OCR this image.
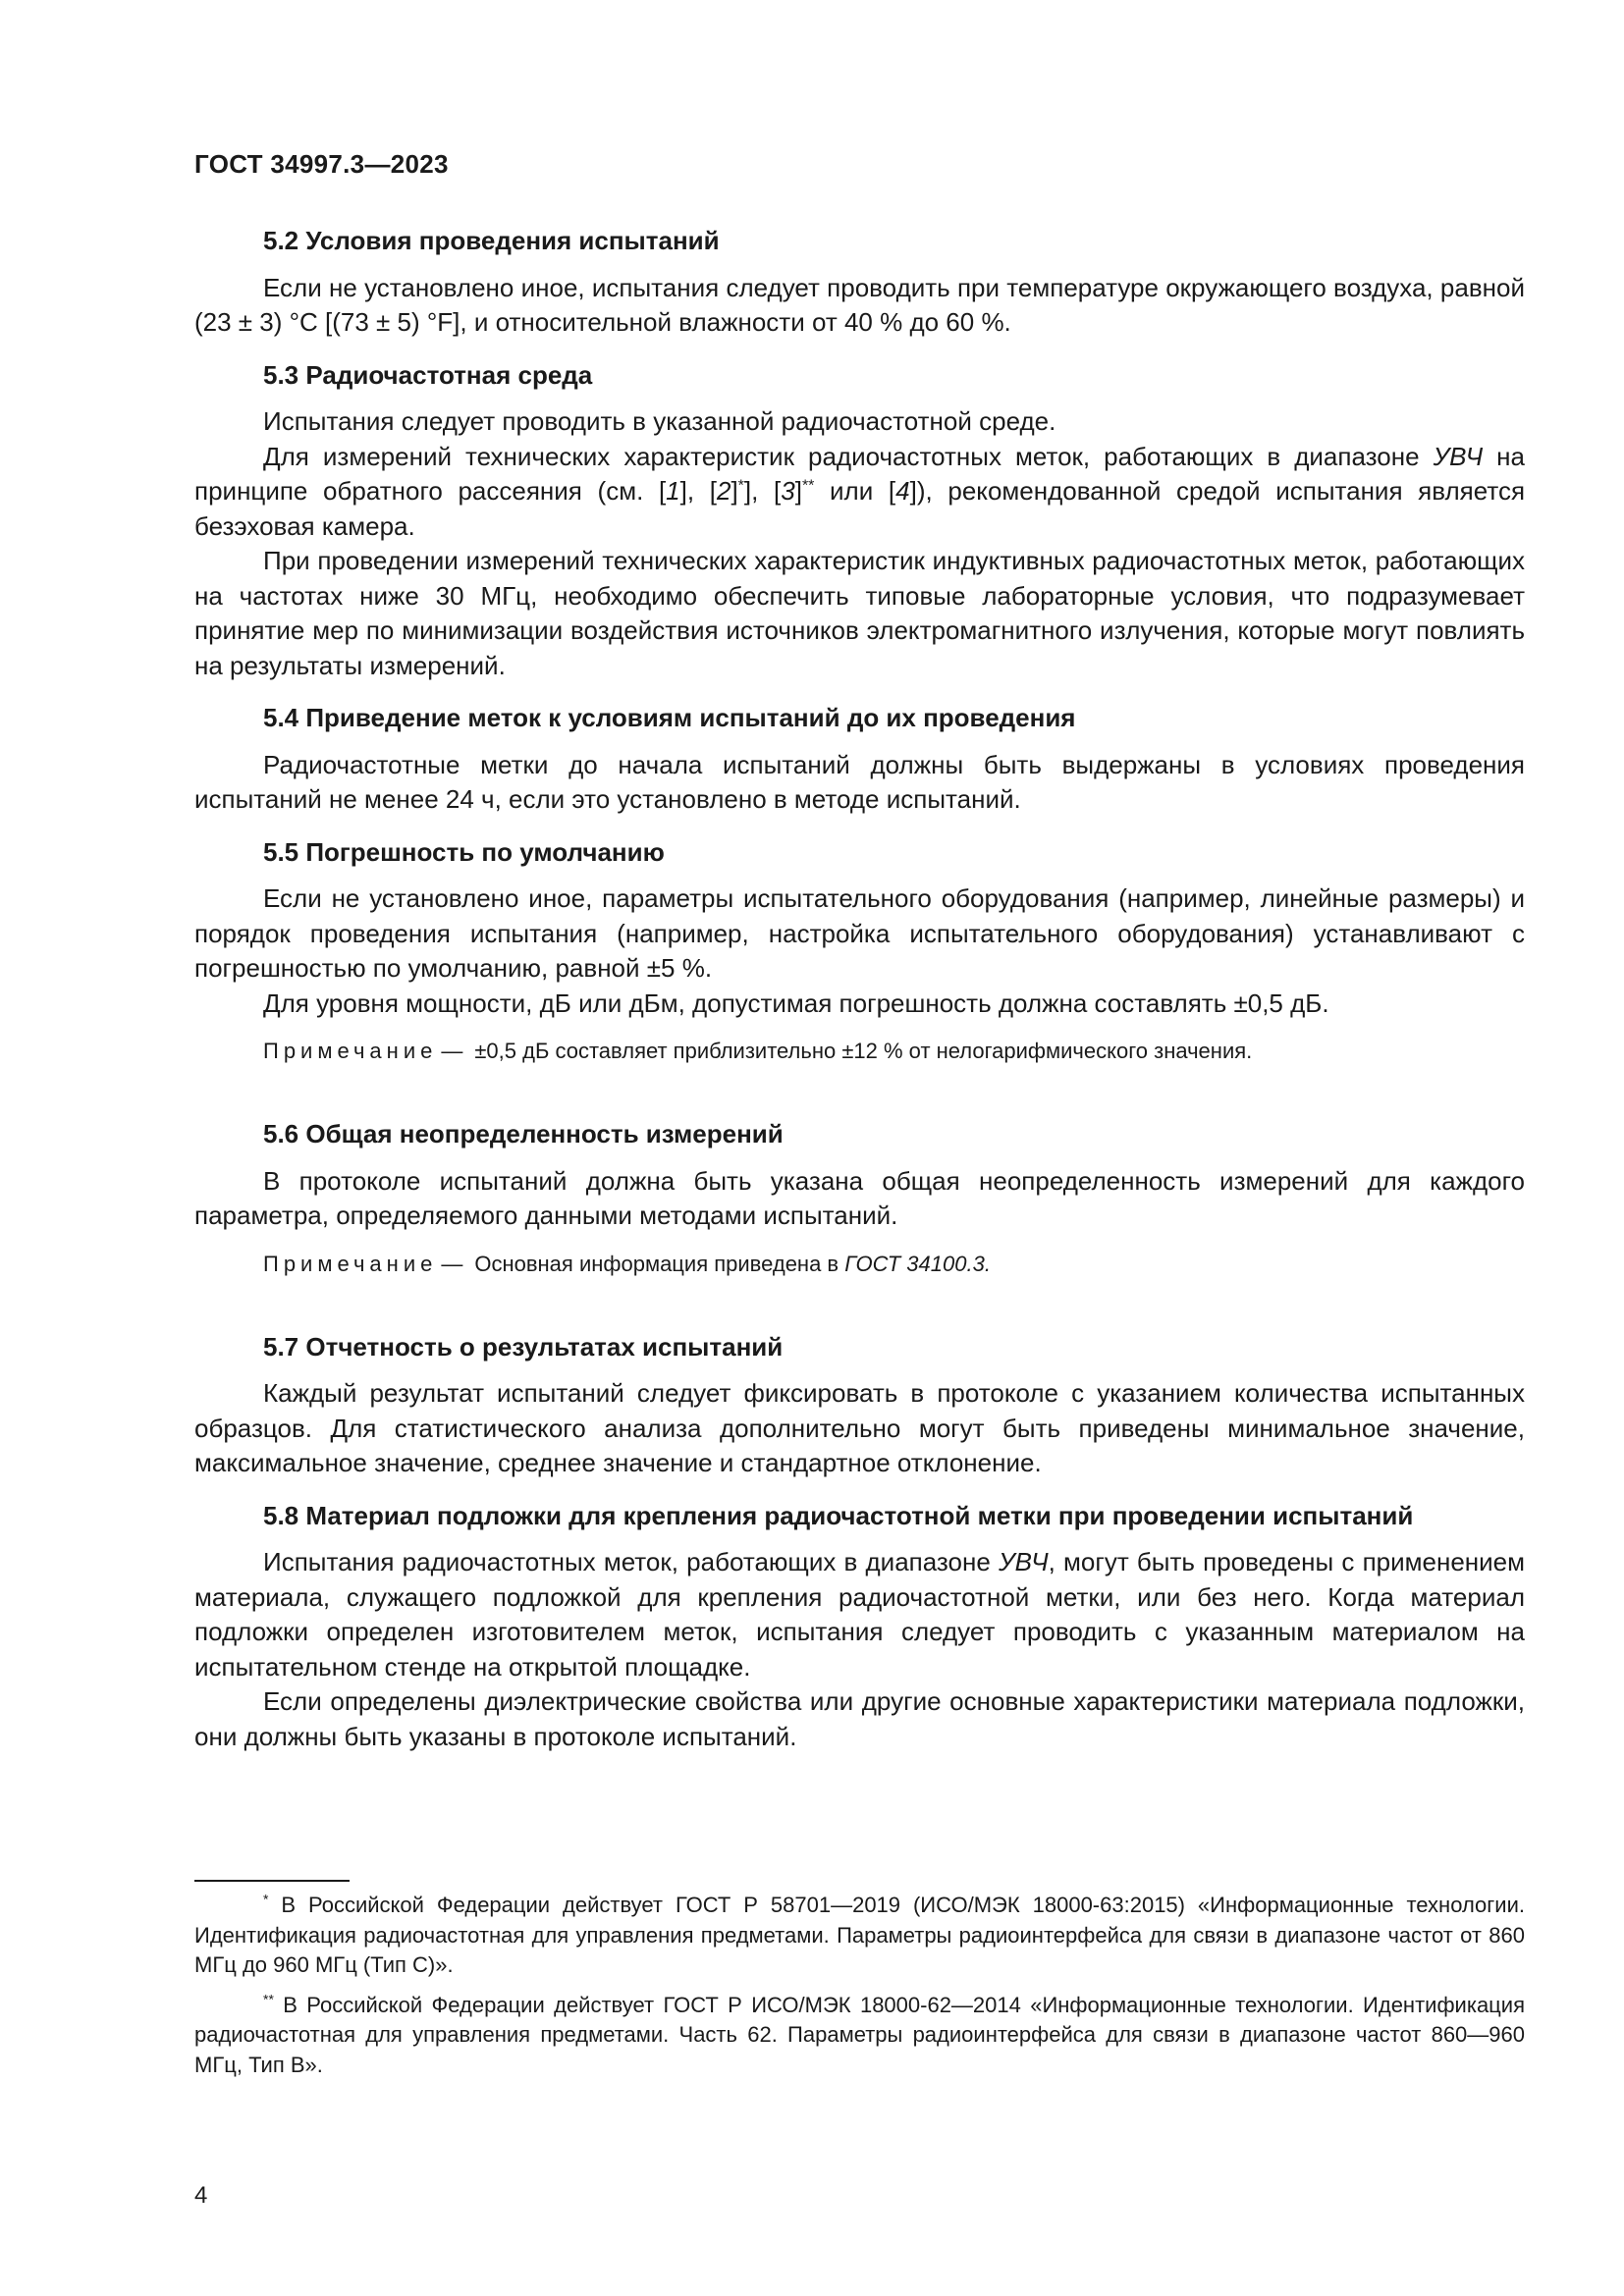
ГОСТ 34997.3—2023
5.2 Условия проведения испытаний

Если не установлено иное, испытания следует проводить при температуре окружающего воздуха, равной (23 ± 3) °С [(73 ± 5) °F], и относительной влажности от 40 % до 60 %.

5.3 Радиочастотная среда

Испытания следует проводить в указанной радиочастотной среде.

Для измерений технических характеристик радиочастотных меток, работающих в диапазоне УВЧ на принципе обратного рассеяния (см. [1], [2]*], [3]** или [4]), рекомендованной средой испытания является безэховая камера.

При проведении измерений технических характеристик индуктивных радиочастотных меток, работающих на частотах ниже 30 МГц, необходимо обеспечить типовые лабораторные условия, что подразумевает принятие мер по минимизации воздействия источников электромагнитного излучения, которые могут повлиять на результаты измерений.

5.4 Приведение меток к условиям испытаний до их проведения

Радиочастотные метки до начала испытаний должны быть выдержаны в условиях проведения испытаний не менее 24 ч, если это установлено в методе испытаний.

5.5 Погрешность по умолчанию

Если не установлено иное, параметры испытательного оборудования (например, линейные размеры) и порядок проведения испытания (например, настройка испытательного оборудования) устанавливают с погрешностью по умолчанию, равной ±5 %.

Для уровня мощности, дБ или дБм, допустимая погрешность должна составлять ±0,5 дБ.

Примечание — ±0,5 дБ составляет приблизительно ±12 % от нелогарифмического значения.
5.6 Общая неопределенность измерений

В протоколе испытаний должна быть указана общая неопределенность измерений для каждого параметра, определяемого данными методами испытаний.

Примечание — Основная информация приведена в ГОСТ 34100.3.
5.7 Отчетность о результатах испытаний

Каждый результат испытаний следует фиксировать в протоколе с указанием количества испытанных образцов. Для статистического анализа дополнительно могут быть приведены минимальное значение, максимальное значение, среднее значение и стандартное отклонение.

5.8 Материал подложки для крепления радиочастотной метки при проведении испытаний

Испытания радиочастотных меток, работающих в диапазоне УВЧ, могут быть проведены с применением материала, служащего подложкой для крепления радиочастотной метки, или без него. Когда материал подложки определен изготовителем меток, испытания следует проводить с указанным материалом на испытательном стенде на открытой площадке.

Если определены диэлектрические свойства или другие основные характеристики материала подложки, они должны быть указаны в протоколе испытаний.

* В Российской Федерации действует ГОСТ Р 58701—2019 (ИСО/МЭК 18000-63:2015) «Информационные технологии. Идентификация радиочастотная для управления предметами. Параметры радиоинтерфейса для связи в диапазоне частот от 860 МГц до 960 МГц (Тип С)».

** В Российской Федерации действует ГОСТ Р ИСО/МЭК 18000-62—2014 «Информационные технологии. Идентификация радиочастотная для управления предметами. Часть 62. Параметры радиоинтерфейса для связи в диапазоне частот 860—960 МГц, Тип В».

4
